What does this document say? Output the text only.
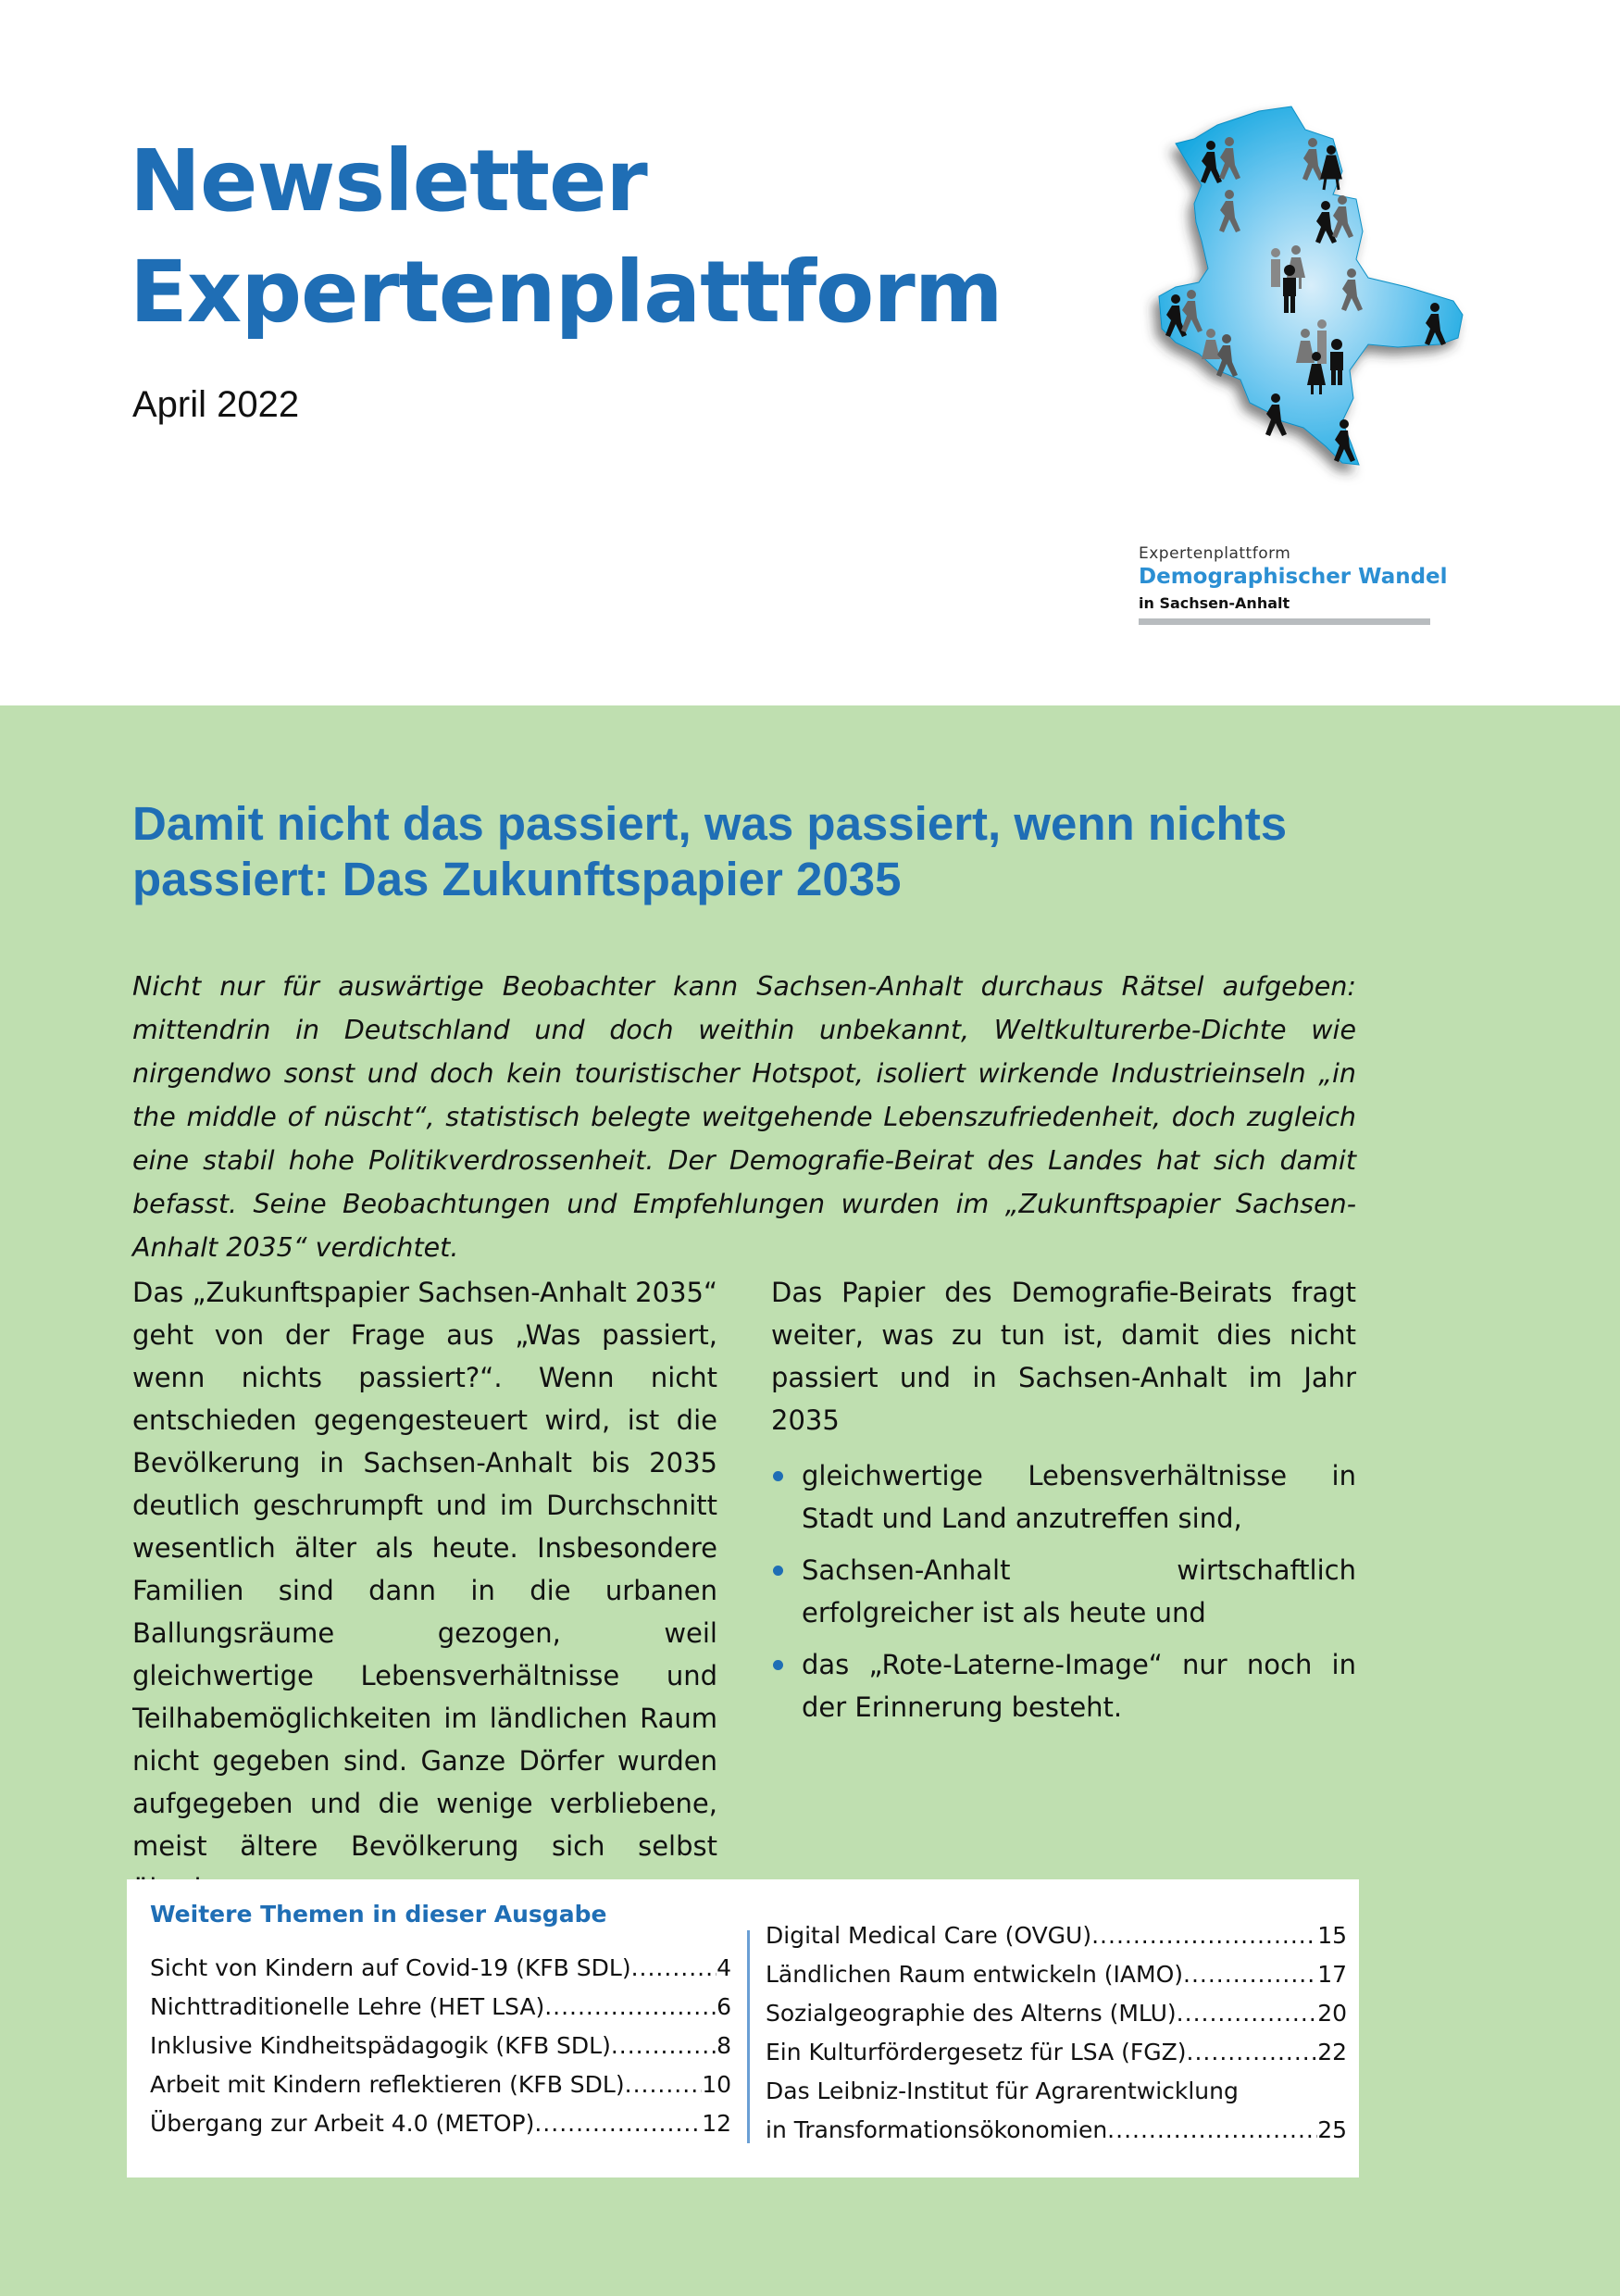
Newsletter
Expertenplattform
April 2022
Expertenplattform
Demographischer Wandel
in Sachsen-Anhalt
Damit nicht das passiert, was passiert, wenn nichts passiert: Das Zukunftspapier 2035

Nicht nur für auswärtige Beobachter kann Sachsen-Anhalt durchaus Rätsel aufgeben: mittendrin in Deutschland und doch weithin unbekannt, Weltkulturerbe-Dichte wie nirgendwo sonst und doch kein touristischer Hotspot, isoliert wirkende Industrieinseln „in the middle of nüscht“, statistisch belegte weitgehende Lebenszufriedenheit, doch zugleich eine stabil hohe Politikverdrossenheit. Der Demografie-Beirat des Landes hat sich damit befasst. Seine Beobachtungen und Empfehlungen wurden im „Zukunftspapier Sachsen-Anhalt 2035“ verdichtet.

Das „Zukunftspapier Sachsen-Anhalt 2035“ geht von der Frage aus „Was passiert, wenn nichts passiert?“. Wenn nicht entschieden gegengesteuert wird, ist die Bevölkerung in Sachsen-Anhalt bis 2035 deutlich geschrumpft und im Durchschnitt wesentlich älter als heute. Insbesondere Familien sind dann in die urbanen Ballungsräume gezogen, weil gleichwertige Lebensverhältnisse und Teilhabemöglichkeiten im ländlichen Raum nicht gegeben sind. Ganze Dörfer wurden aufgegeben und die wenige verbliebene, meist ältere Bevölkerung sich selbst

Das Papier des Demografie-Beirats fragt weiter, was zu tun ist, damit dies nicht passiert und in Sachsen-Anhalt im Jahr 2035

gleichwertige Lebensverhältnisse in Stadt und Land anzutreffen sind,
Sachsen-Anhalt wirtschaftlich erfolgreicher ist als heute und
das „Rote-Laterne-Image“ nur noch in der Erinnerung besteht.
Weitere Themen in dieser Ausgabe
Sicht von Kindern auf Covid-19 (KFB SDL) .....	4
Nichttraditionelle Lehre (HET LSA) .....	6
Inklusive Kindheitspädagogik (KFB SDL) .....	8
Arbeit mit Kindern reflektieren (KFB SDL) .....	10
Übergang zur Arbeit 4.0 (METOP) .....	12
Digital Medical Care (OVGU) .....	15
Ländlichen Raum entwickeln (IAMO) .....	17
Sozialgeographie des Alterns (MLU) .....	20
Ein Kulturfördergesetz für LSA (FGZ) .....	22
Das Leibniz-Institut für Agrarentwicklung
in Transformationsökonomien .....	25
